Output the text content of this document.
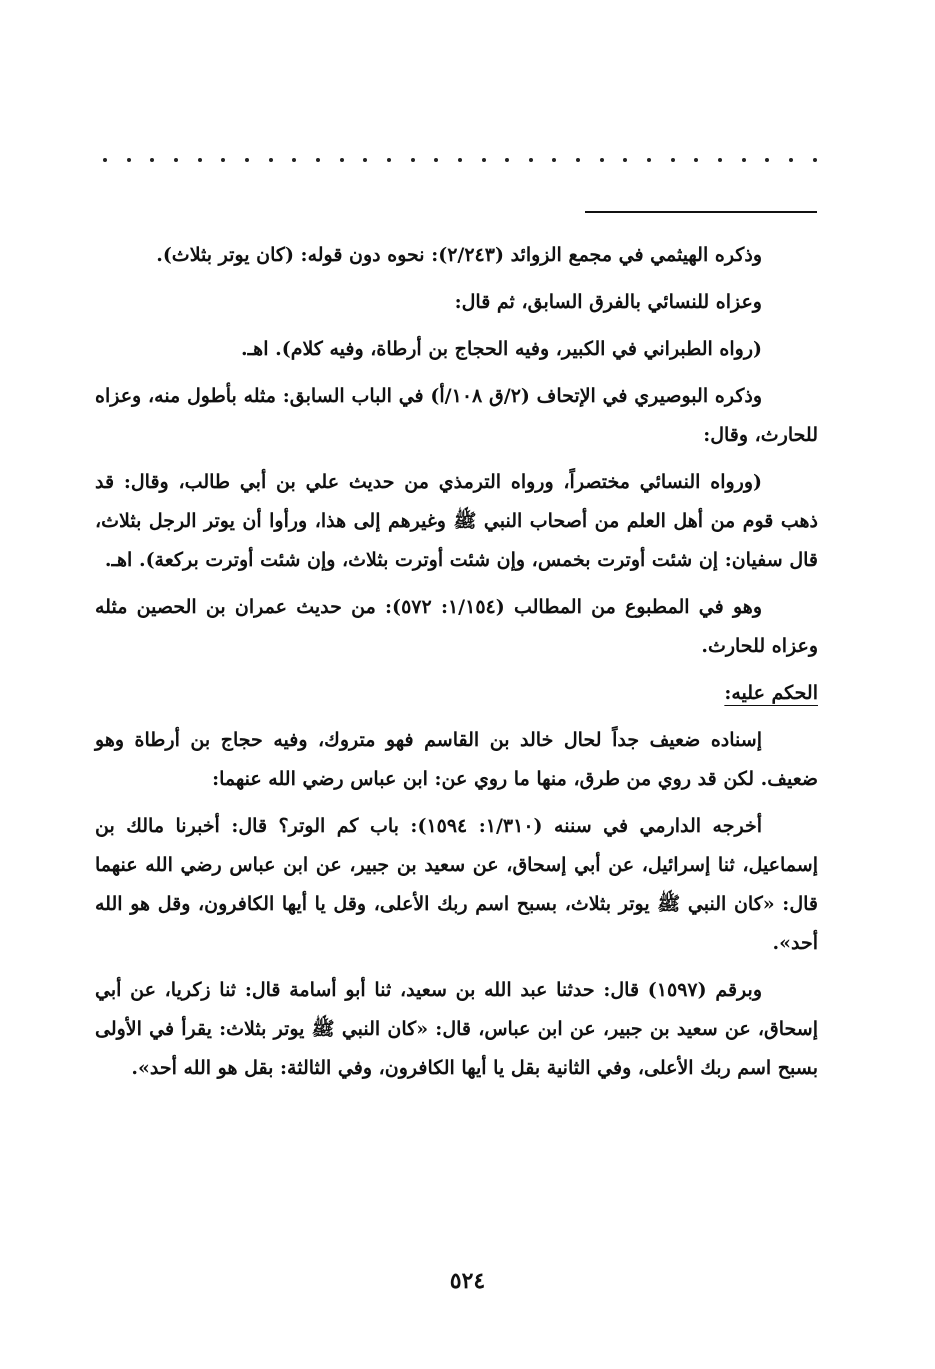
وذكره الهيثمي في مجمع الزوائد (٢/٢٤٣): نحوه دون قوله: (كان يوتر بثلاث).

وعزاه للنسائي بالفرق السابق، ثم قال:

(رواه الطبراني في الكبير، وفيه الحجاج بن أرطاة، وفيه كلام). اهـ.

وذكره البوصيري في الإتحاف (٢/ق ١٠٨/أ) في الباب السابق: مثله بأطول منه، وعزاه للحارث، وقال:

(ورواه النسائي مختصراً، ورواه الترمذي من حديث علي بن أبي طالب، وقال: قد ذهب قوم من أهل العلم من أصحاب النبي ﷺ وغيرهم إلى هذا، ورأوا أن يوتر الرجل بثلاث، قال سفيان: إن شئت أوترت بخمس، وإن شئت أوترت بثلاث، وإن شئت أوترت بركعة). اهـ.

وهو في المطبوع من المطالب (١/١٥٤: ٥٧٢): من حديث عمران بن الحصين مثله وعزاه للحارث.

الحكم عليه:

إسناده ضعيف جداً لحال خالد بن القاسم فهو متروك، وفيه حجاج بن أرطاة وهو ضعيف. لكن قد روي من طرق، منها ما روي عن: ابن عباس رضي الله عنهما:

أخرجه الدارمي في سننه (١/٣١٠: ١٥٩٤): باب كم الوتر؟ قال: أخبرنا مالك بن إسماعيل، ثنا إسرائيل، عن أبي إسحاق، عن سعيد بن جبير، عن ابن عباس رضي الله عنهما قال: «كان النبي ﷺ يوتر بثلاث، بسبح اسم ربك الأعلى، وقل يا أيها الكافرون، وقل هو الله أحد».

وبرقم (١٥٩٧) قال: حدثنا عبد الله بن سعيد، ثنا أبو أسامة قال: ثنا زكريا، عن أبي إسحاق، عن سعيد بن جبير، عن ابن عباس، قال: «كان النبي ﷺ يوتر بثلاث: يقرأ في الأولى بسبح اسم ربك الأعلى، وفي الثانية بقل يا أيها الكافرون، وفي الثالثة: بقل هو الله أحد».

٥٢٤
